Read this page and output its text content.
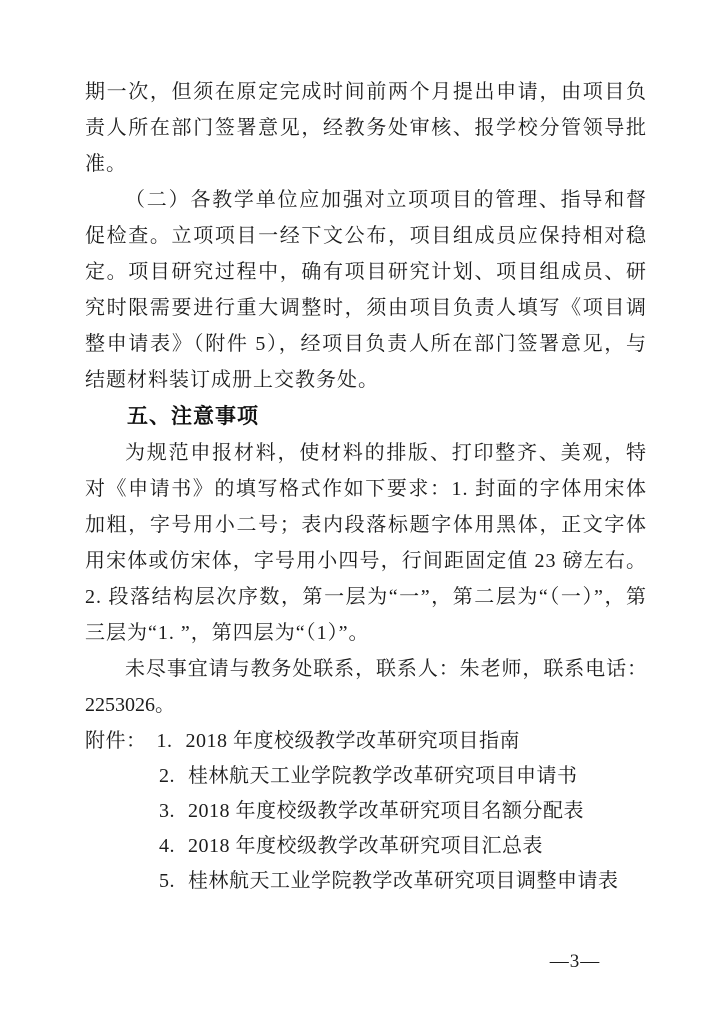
期一次，但须在原定完成时间前两个月提出申请，由项目负责人所在部门签署意见，经教务处审核、报学校分管领导批准。

（二）各教学单位应加强对立项项目的管理、指导和督促检查。立项项目一经下文公布，项目组成员应保持相对稳定。项目研究过程中，确有项目研究计划、项目组成员、研究时限需要进行重大调整时，须由项目负责人填写《项目调整申请表》（附件 5），经项目负责人所在部门签署意见，与结题材料装订成册上交教务处。

五、注意事项

为规范申报材料，使材料的排版、打印整齐、美观，特对《申请书》的填写格式作如下要求：1. 封面的字体用宋体加粗，字号用小二号；表内段落标题字体用黑体，正文字体用宋体或仿宋体，字号用小四号，行间距固定值 23 磅左右。2. 段落结构层次序数，第一层为“一”，第二层为“（一）”，第三层为“1. ”，第四层为“（1）”。

未尽事宜请与教务处联系，联系人：朱老师，联系电话：2253026。

附件： 1. 2018 年度校级教学改革研究项目指南
2. 桂林航天工业学院教学改革研究项目申请书
3. 2018 年度校级教学改革研究项目名额分配表
4. 2018 年度校级教学改革研究项目汇总表
5. 桂林航天工业学院教学改革研究项目调整申请表
—3—
